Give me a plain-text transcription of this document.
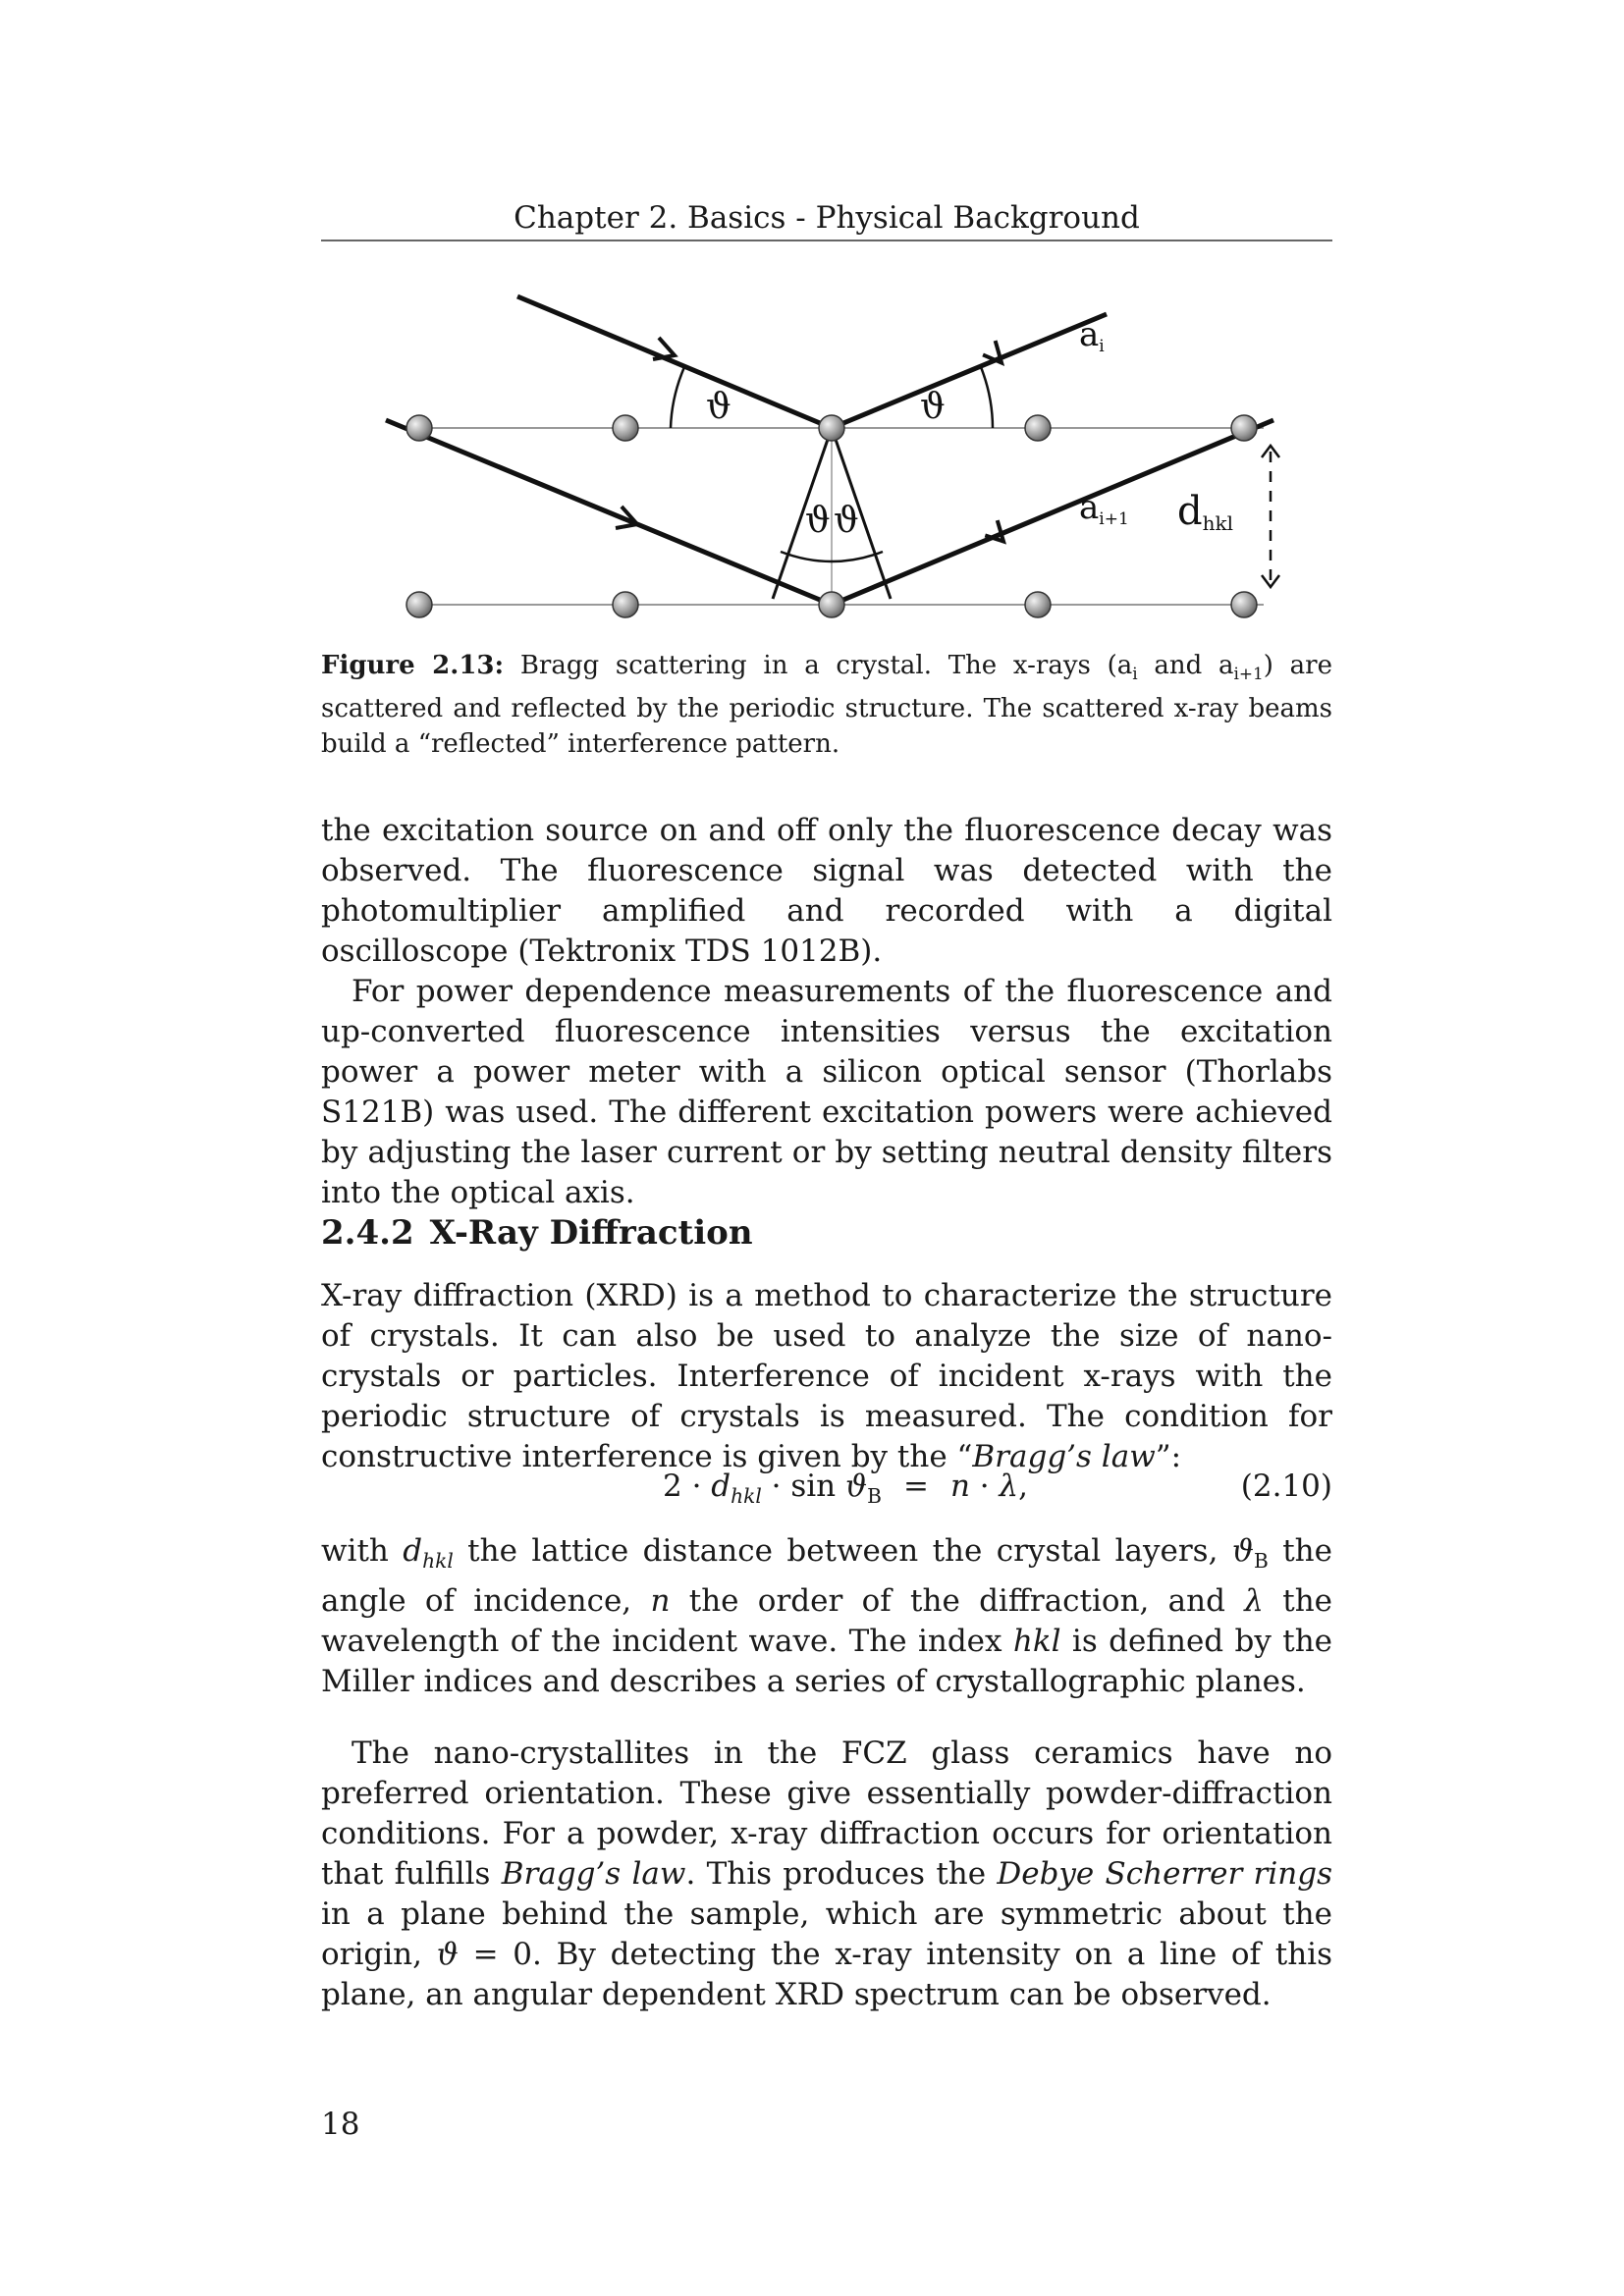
Chapter 2. Basics - Physical Background
ϑ	ϑ
ϑ ϑ
ai
ai+1 dhkl
Figure 2.13: Bragg scattering in a crystal. The x-rays ($a_i$ and $a_{i+1}$) are scattered and reflected by the periodic structure. The scattered x-ray beams build a “reflected” interference pattern.
the excitation source on and off only the fluorescence decay was observed. The fluorescence signal was detected with the photomultiplier amplified and recorded with a digital oscilloscope (Tektronix TDS 1012B).
For power dependence measurements of the fluorescence and up-converted fluorescence intensities versus the excitation power a power meter with a silicon optical sensor (Thorlabs S121B) was used. The different excitation powers were achieved by adjusting the laser current or by setting neutral density filters into the optical axis.
2.4.2 X-Ray Diffraction
X-ray diffraction (XRD) is a method to characterize the structure of crystals. It can also be used to analyze the size of nano-crystals or particles. Interference of incident x-rays with the periodic structure of crystals is measured. The condition for constructive interference is given by the “Bragg’s law”:
$2 \cdot d_{hkl} \cdot \sin ϑ_B = n \cdot \lambda$,	(2.10)
with $d_{hkl}$ the lattice distance between the crystal layers, $ϑ_B$ the angle of incidence, n the order of the diffraction, and λ the wavelength of the incident wave. The index hkl is defined by the Miller indices and describes a series of crystallographic planes.
The nano-crystallites in the FCZ glass ceramics have no preferred orientation. These give essentially powder-diffraction conditions. For a powder, x-ray diffraction occurs for orientation that fulfills Bragg’s law. This produces the Debye Scherrer rings in a plane behind the sample, which are symmetric about the origin, ϑ = 0. By detecting the x-ray intensity on a line of this plane, an angular dependent XRD spectrum can be observed.
18
